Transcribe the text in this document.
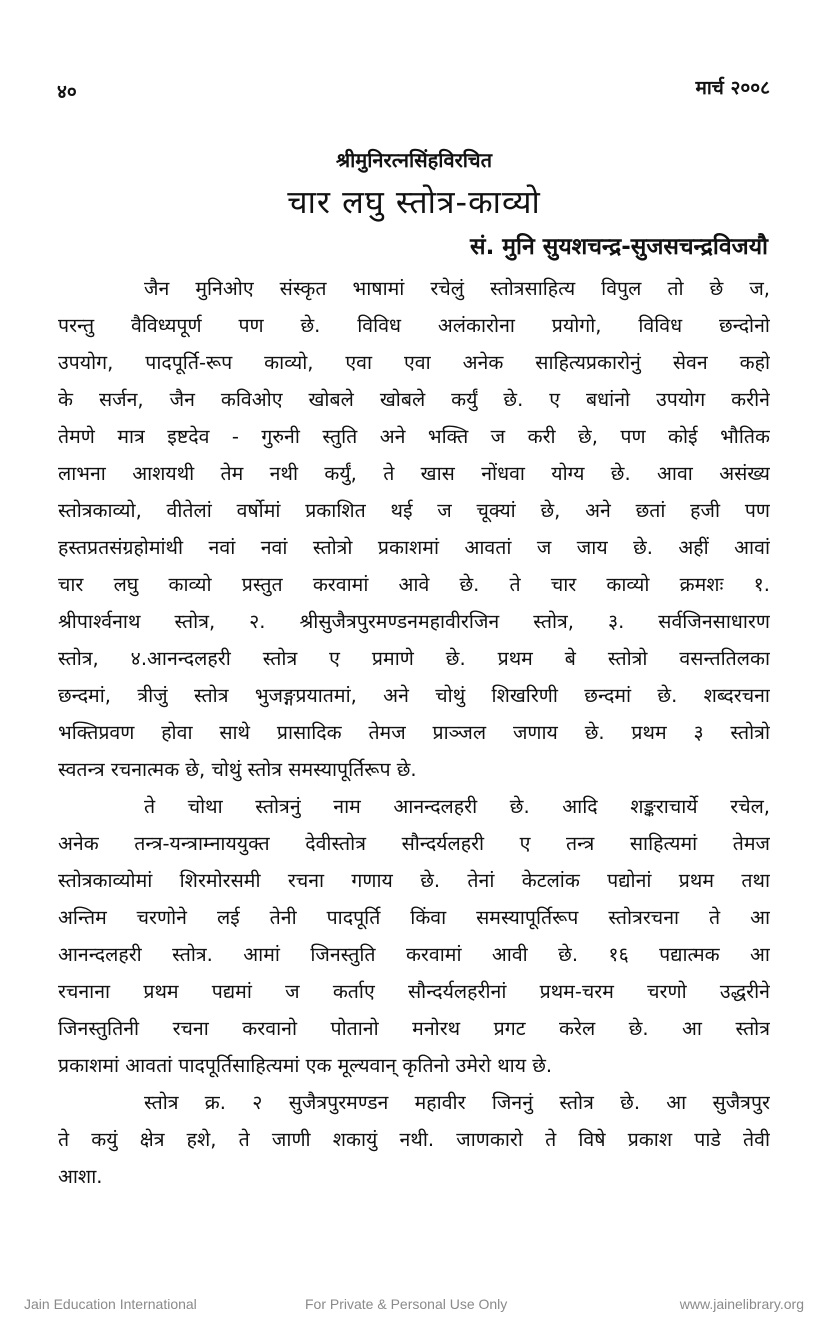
४०	मार्च २००८
श्रीमुनिरत्नसिंहविरचित
चार लघु स्तोत्र-काव्यो
सं. मुनि सुयशचन्द्र-सुजसचन्द्रविजयौ
जैन मुनिओए संस्कृत भाषामां रचेलुं स्तोत्रसाहित्य विपुल तो छे ज,
परन्तु वैविध्यपूर्ण पण छे. विविध अलंकारोना प्रयोगो, विविध छन्दोनो
उपयोग, पादपूर्ति-रूप काव्यो, एवा एवा अनेक साहित्यप्रकारोनुं सेवन कहो
के सर्जन, जैन कविओए खोबले खोबले कर्युं छे. ए बधांनो उपयोग करीने
तेमणे मात्र इष्टदेव - गुरुनी स्तुति अने भक्ति ज करी छे, पण कोई भौतिक
लाभना आशयथी तेम नथी कर्युं, ते खास नोंधवा योग्य छे. आवा असंख्य
स्तोत्रकाव्यो, वीतेलां वर्षोमां प्रकाशित थई ज चूक्यां छे, अने छतां हजी पण
हस्तप्रतसंग्रहोमांथी नवां नवां स्तोत्रो प्रकाशमां आवतां ज जाय छे. अहीं आवां
चार लघु काव्यो प्रस्तुत करवामां आवे छे. ते चार काव्यो क्रमशः १.
श्रीपार्श्वनाथ स्तोत्र, २. श्रीसुजैत्रपुरमण्डनमहावीरजिन स्तोत्र, ३. सर्वजिनसाधारण
स्तोत्र, ४.आनन्दलहरी स्तोत्र ए प्रमाणे छे. प्रथम बे स्तोत्रो वसन्ततिलका
छन्दमां, त्रीजुं स्तोत्र भुजङ्गप्रयातमां, अने चोथुं शिखरिणी छन्दमां छे. शब्दरचना
भक्तिप्रवण होवा साथे प्रासादिक तेमज प्राञ्जल जणाय छे. प्रथम ३ स्तोत्रो
स्वतन्त्र रचनात्मक छे, चोथुं स्तोत्र समस्यापूर्तिरूप छे.
ते चोथा स्तोत्रनुं नाम आनन्दलहरी छे. आदि शङ्कराचार्ये रचेल,
अनेक तन्त्र-यन्त्राम्नाययुक्त देवीस्तोत्र सौन्दर्यलहरी ए तन्त्र साहित्यमां तेमज
स्तोत्रकाव्योमां शिरमोरसमी रचना गणाय छे. तेनां केटलांक पद्योनां प्रथम तथा
अन्तिम चरणोने लई तेनी पादपूर्ति किंवा समस्यापूर्तिरूप स्तोत्ररचना ते आ
आनन्दलहरी स्तोत्र. आमां जिनस्तुति करवामां आवी छे. १६ पद्यात्मक आ
रचनाना प्रथम पद्यमां ज कर्ताए सौन्दर्यलहरीनां प्रथम-चरम चरणो उद्धरीने
जिनस्तुतिनी रचना करवानो पोतानो मनोरथ प्रगट करेल छे. आ स्तोत्र
प्रकाशमां आवतां पादपूर्तिसाहित्यमां एक मूल्यवान् कृतिनो उमेरो थाय छे.
स्तोत्र क्र. २ सुजैत्रपुरमण्डन महावीर जिननुं स्तोत्र छे. आ सुजैत्रपुर
ते कयुं क्षेत्र हशे, ते जाणी शकायुं नथी. जाणकारो ते विषे प्रकाश पाडे तेवी
आशा.
Jain Education International	For Private & Personal Use Only	www.jainelibrary.org
